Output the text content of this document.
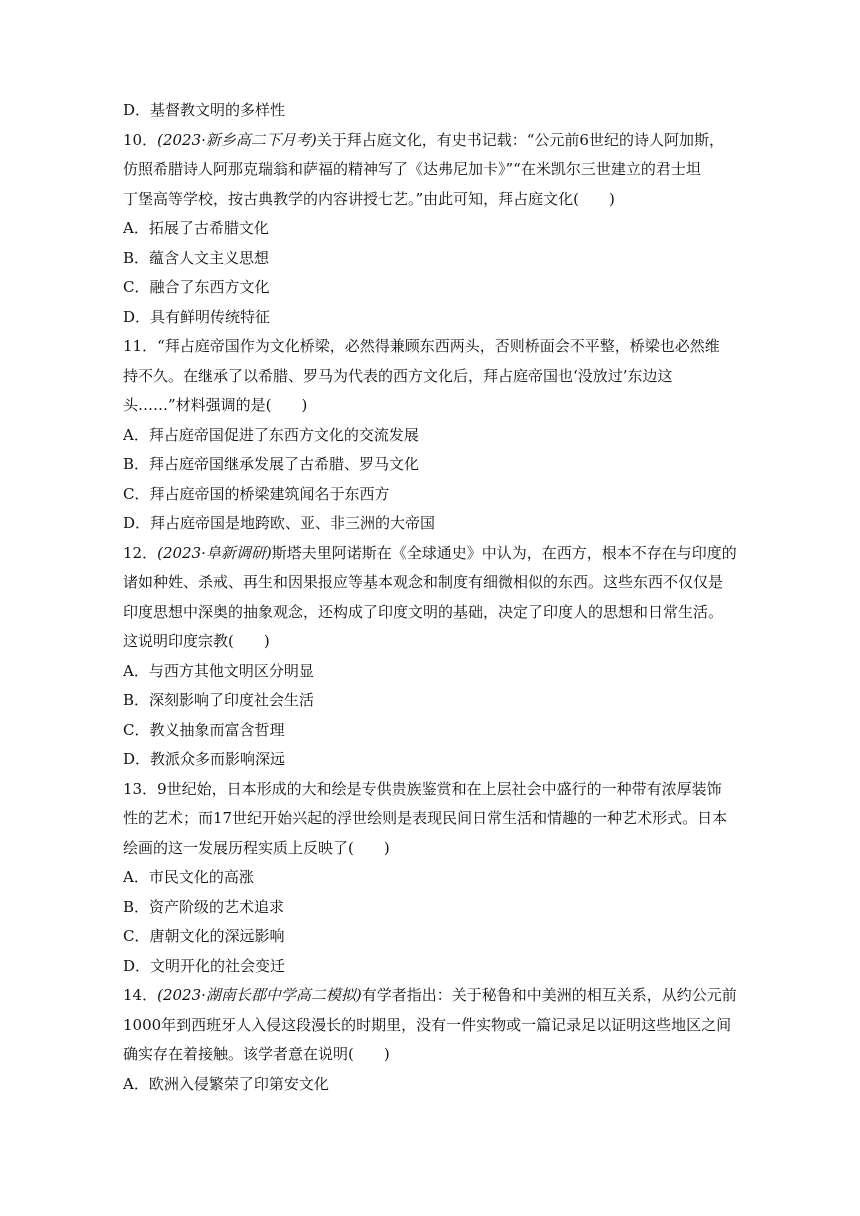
D．基督教文明的多样性
10．(2023·新乡高二下月考)关于拜占庭文化，有史书记载：“公元前6世纪的诗人阿加斯，
仿照希腊诗人阿那克瑞翁和萨福的精神写了《达弗尼加卡》”“在米凯尔三世建立的君士坦
丁堡高等学校，按古典教学的内容讲授七艺。”由此可知，拜占庭文化(　　)
A．拓展了古希腊文化
B．蕴含人文主义思想
C．融合了东西方文化
D．具有鲜明传统特征
11．“拜占庭帝国作为文化桥梁，必然得兼顾东西两头，否则桥面会不平整，桥梁也必然维
持不久。在继承了以希腊、罗马为代表的西方文化后，拜占庭帝国也‘没放过’东边这
头……”材料强调的是(　　)
A．拜占庭帝国促进了东西方文化的交流发展
B．拜占庭帝国继承发展了古希腊、罗马文化
C．拜占庭帝国的桥梁建筑闻名于东西方
D．拜占庭帝国是地跨欧、亚、非三洲的大帝国
12．(2023·阜新调研)斯塔夫里阿诺斯在《全球通史》中认为，在西方，根本不存在与印度的
诸如种姓、杀戒、再生和因果报应等基本观念和制度有细微相似的东西。这些东西不仅仅是
印度思想中深奥的抽象观念，还构成了印度文明的基础，决定了印度人的思想和日常生活。
这说明印度宗教(　　)
A．与西方其他文明区分明显
B．深刻影响了印度社会生活
C．教义抽象而富含哲理
D．教派众多而影响深远
13．9世纪始，日本形成的大和绘是专供贵族鉴赏和在上层社会中盛行的一种带有浓厚装饰
性的艺术；而17世纪开始兴起的浮世绘则是表现民间日常生活和情趣的一种艺术形式。日本
绘画的这一发展历程实质上反映了(　　)
A．市民文化的高涨
B．资产阶级的艺术追求
C．唐朝文化的深远影响
D．文明开化的社会变迁
14．(2023·湖南长郡中学高二模拟)有学者指出：关于秘鲁和中美洲的相互关系，从约公元前
1000年到西班牙人入侵这段漫长的时期里，没有一件实物或一篇记录足以证明这些地区之间
确实存在着接触。该学者意在说明(　　)
A．欧洲入侵繁荣了印第安文化
